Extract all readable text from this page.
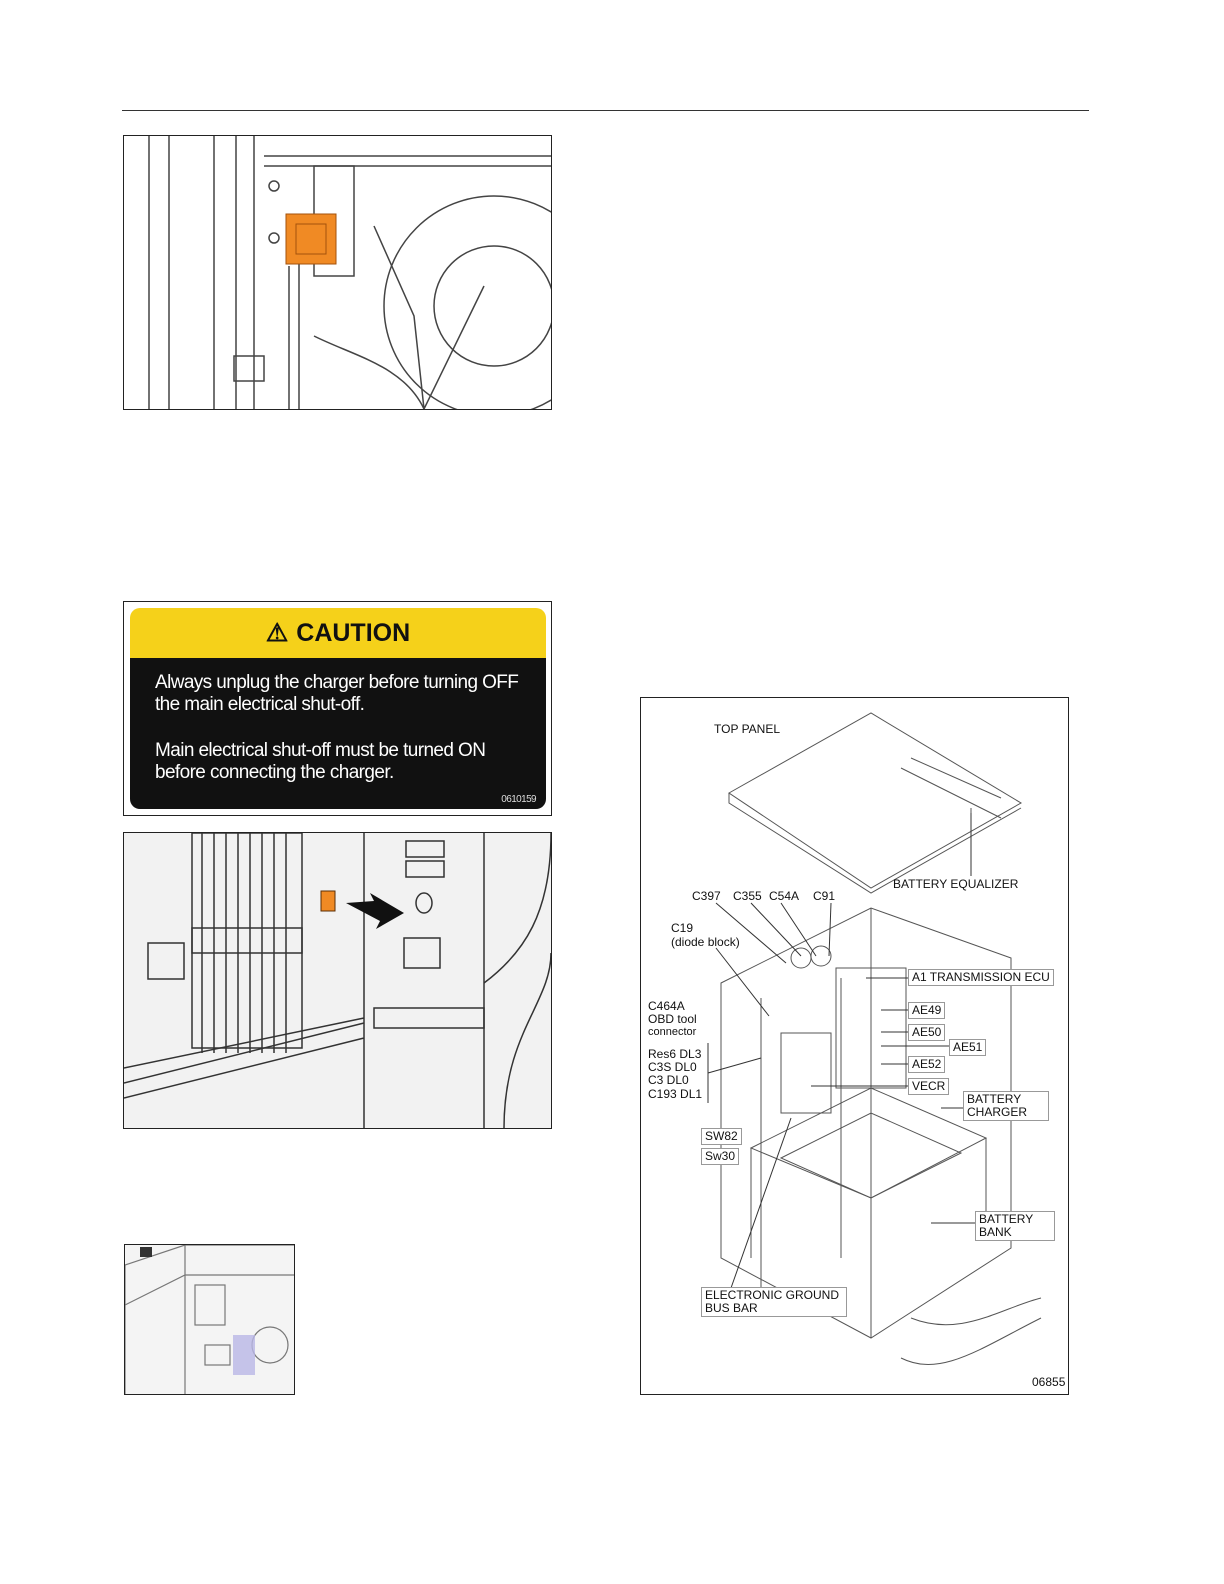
⚠ CAUTION

Always unplug the charger before turning OFF the main electrical shut-off.

Main electrical shut-off must be turned ON before connecting the charger.

0610159
TOP PANEL
BATTERY EQUALIZER
C397 C355 C54A C91
C19
(diode block)
A1 TRANSMISSION ECU
C464A
OBD tool
connector
AE49
AE50
AE51
AE52
VECR
Res6 DL3
C3S DL0
C3 DL0
C193 DL1	BATTERY
CHARGER
SW82
Sw30
BATTERY
BANK
ELECTRONIC GROUND
BUS BAR
06855
